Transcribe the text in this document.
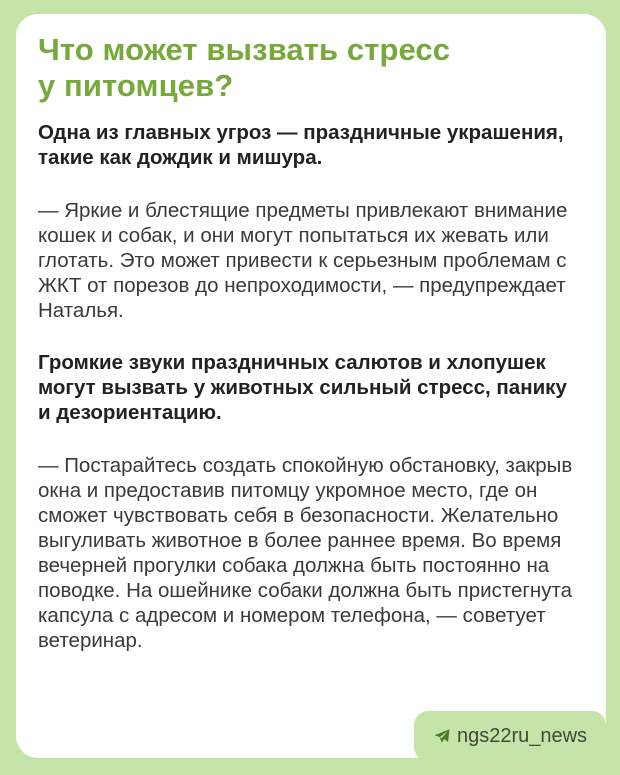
Что может вызвать стресс у питомцев?

Одна из главных угроз — праздничные украшения, такие как дождик и мишура.

— Яркие и блестящие предметы привлекают внимание кошек и собак, и они могут попытаться их жевать или глотать. Это может привести к серьезным проблемам с ЖКТ от порезов до непроходимости, — предупреждает Наталья.

Громкие звуки праздничных салютов и хлопушек могут вызвать у животных сильный стресс, панику и дезориентацию.

— Постарайтесь создать спокойную обстановку, закрыв окна и предоставив питомцу укромное место, где он сможет чувствовать себя в безопасности. Желательно выгуливать животное в более раннее время. Во время вечерней прогулки собака должна быть постоянно на поводке. На ошейнике собаки должна быть пристегнута капсула с адресом и номером телефона, — советует ветеринар.

ngs22ru_news
